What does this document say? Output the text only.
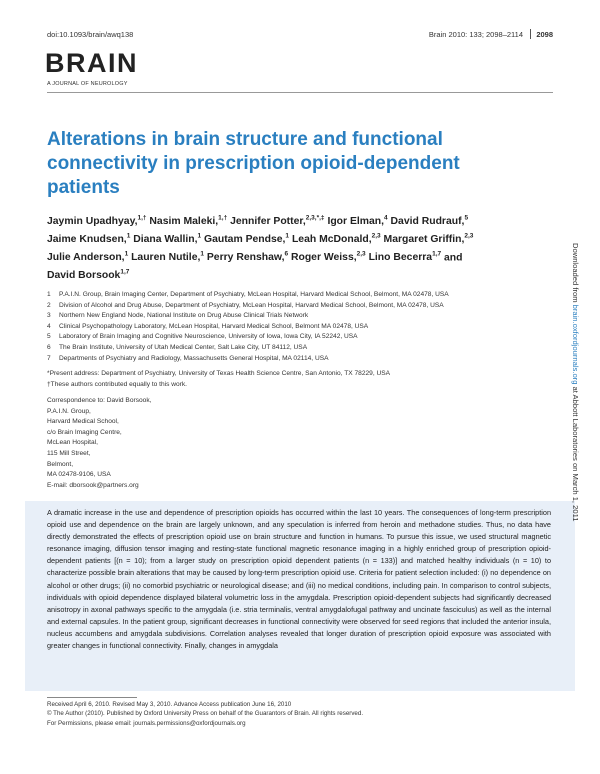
doi:10.1093/brain/awq138	Brain 2010: 133; 2098–2114 2098
BRAIN
A JOURNAL OF NEUROLOGY
Alterations in brain structure and functional connectivity in prescription opioid-dependent patients
Jaymin Upadhyay,$^{1,\dagger}$ Nasim Maleki,$^{1,\dagger}$ Jennifer Potter,$^{2,3,*,\ddagger}$ Igor Elman,$^4$ David Rudrauf,$^5$
Jaime Knudsen,$^1$ Diana Wallin,$^1$ Gautam Pendse,$^1$ Leah McDonald,$^{2,3}$ Margaret Griffin,$^{2,3}$
Julie Anderson,$^1$ Lauren Nutile,$^1$ Perry Renshaw,$^6$ Roger Weiss,$^{2,3}$ Lino Becerra$^{1,7}$ and
David Borsook$^{1,7}$
1 P.A.I.N. Group, Brain Imaging Center, Department of Psychiatry, McLean Hospital, Harvard Medical School, Belmont, MA 02478, USA
2 Division of Alcohol and Drug Abuse, Department of Psychiatry, McLean Hospital, Harvard Medical School, Belmont, MA 02478, USA
3 Northern New England Node, National Institute on Drug Abuse Clinical Trials Network
4 Clinical Psychopathology Laboratory, McLean Hospital, Harvard Medical School, Belmont MA 02478, USA
5 Laboratory of Brain Imaging and Cognitive Neuroscience, University of Iowa, Iowa City, IA 52242, USA
6 The Brain Institute, University of Utah Medical Center, Salt Lake City, UT 84112, USA
7 Departments of Psychiatry and Radiology, Massachusetts General Hospital, MA 02114, USA
*Present address: Department of Psychiatry, University of Texas Health Science Centre, San Antonio, TX 78229, USA
†These authors contributed equally to this work.
Correspondence to: David Borsook,
P.A.I.N. Group,
Harvard Medical School,
c/o Brain Imaging Centre,
McLean Hospital,
115 Mill Street,
Belmont,
MA 02478-9106, USA
E-mail: dborsook@partners.org

A dramatic increase in the use and dependence of prescription opioids has occurred within the last 10 years. The consequences of long-term prescription opioid use and dependence on the brain are largely unknown, and any speculation is inferred from heroin and methadone studies. Thus, no data have directly demonstrated the effects of prescription opioid use on brain structure and function in humans. To pursue this issue, we used structural magnetic resonance imaging, diffusion tensor imaging and resting-state functional magnetic resonance imaging in a highly enriched group of prescription opioid-dependent patients [(n = 10); from a larger study on prescription opioid dependent patients (n = 133)] and matched healthy individuals (n = 10) to characterize possible brain alterations that may be caused by long-term prescription opioid use. Criteria for patient selection included: (i) no dependence on alcohol or other drugs; (ii) no comorbid psychiatric or neurological disease; and (iii) no medical conditions, including pain. In comparison to control subjects, individuals with opioid dependence displayed bilateral volumetric loss in the amygdala. Prescription opioid-dependent subjects had significantly decreased anisotropy in axonal pathways specific to the amygdala (i.e. stria terminalis, ventral amygdalofugal pathway and uncinate fasciculus) as well as the internal and external capsules. In the patient group, significant decreases in functional connectivity were observed for seed regions that included the anterior insula, nucleus accumbens and amygdala subdivisions. Correlation analyses revealed that longer duration of prescription opioid exposure was associated with greater changes in functional connectivity. Finally, changes in amygdala

Received April 6, 2010. Revised May 3, 2010. Advance Access publication June 16, 2010
© The Author (2010). Published by Oxford University Press on behalf of the Guarantors of Brain. All rights reserved.
For Permissions, please email: journals.permissions@oxfordjournals.org
Downloaded from brain.oxfordjournals.org at Abbott Laboratories on March 1, 2011
